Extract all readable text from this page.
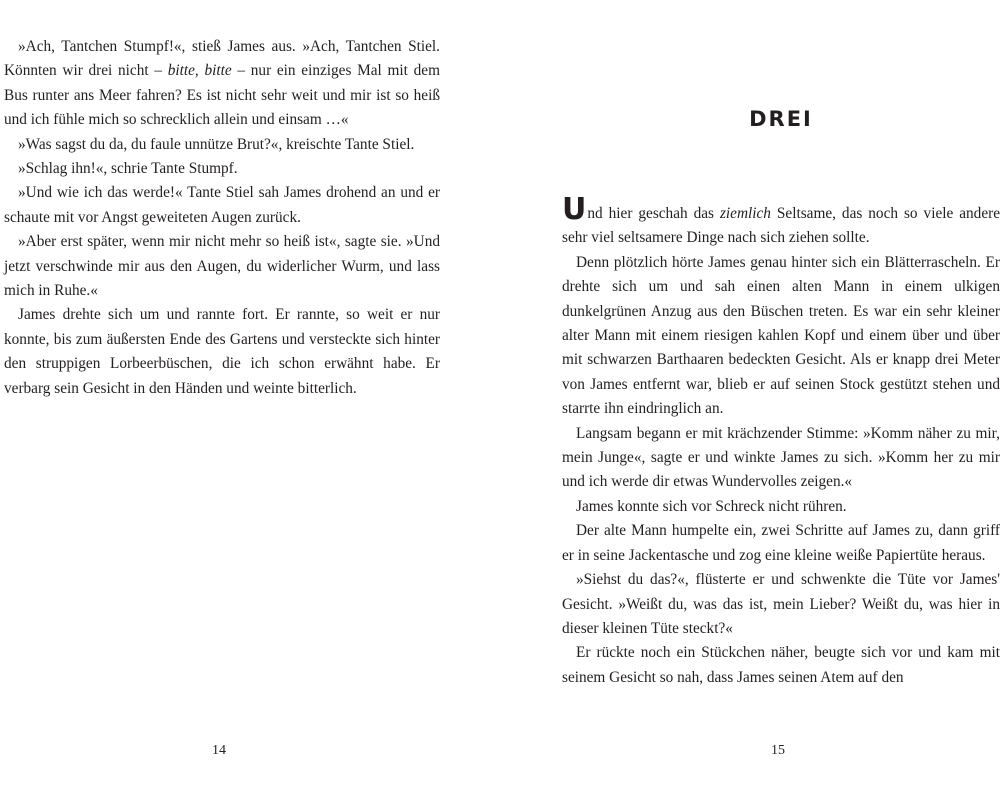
»Ach, Tantchen Stumpf!«, stieß James aus. »Ach, Tantchen Stiel. Könnten wir drei nicht – bitte, bitte – nur ein einziges Mal mit dem Bus runter ans Meer fahren? Es ist nicht sehr weit und mir ist so heiß und ich fühle mich so schrecklich allein und einsam …«

»Was sagst du da, du faule unnütze Brut?«, kreischte Tante Stiel.

»Schlag ihn!«, schrie Tante Stumpf.

»Und wie ich das werde!« Tante Stiel sah James drohend an und er schaute mit vor Angst geweiteten Augen zurück.

»Aber erst später, wenn mir nicht mehr so heiß ist«, sagte sie. »Und jetzt verschwinde mir aus den Augen, du widerlicher Wurm, und lass mich in Ruhe.«

James drehte sich um und rannte fort. Er rannte, so weit er nur konnte, bis zum äußersten Ende des Gartens und versteckte sich hinter den struppigen Lorbeerbüschen, die ich schon erwähnt habe. Er verbarg sein Gesicht in den Händen und weinte bitterlich.

14
DREI

Und hier geschah das ziemlich Seltsame, das noch so viele andere sehr viel seltsamere Dinge nach sich ziehen sollte.

Denn plötzlich hörte James genau hinter sich ein Blätterrascheln. Er drehte sich um und sah einen alten Mann in einem ulkigen dunkelgrünen Anzug aus den Büschen treten. Es war ein sehr kleiner alter Mann mit einem riesigen kahlen Kopf und einem über und über mit schwarzen Barthaaren bedeckten Gesicht. Als er knapp drei Meter von James entfernt war, blieb er auf seinen Stock gestützt stehen und starrte ihn eindringlich an.

Langsam begann er mit krächzender Stimme: »Komm näher zu mir, mein Junge«, sagte er und winkte James zu sich. »Komm her zu mir und ich werde dir etwas Wundervolles zeigen.«

James konnte sich vor Schreck nicht rühren.

Der alte Mann humpelte ein, zwei Schritte auf James zu, dann griff er in seine Jackentasche und zog eine kleine weiße Papiertüte heraus.

»Siehst du das?«, flüsterte er und schwenkte die Tüte vor James' Gesicht. »Weißt du, was das ist, mein Lieber? Weißt du, was hier in dieser kleinen Tüte steckt?«

Er rückte noch ein Stückchen näher, beugte sich vor und kam mit seinem Gesicht so nah, dass James seinen Atem auf den

15
